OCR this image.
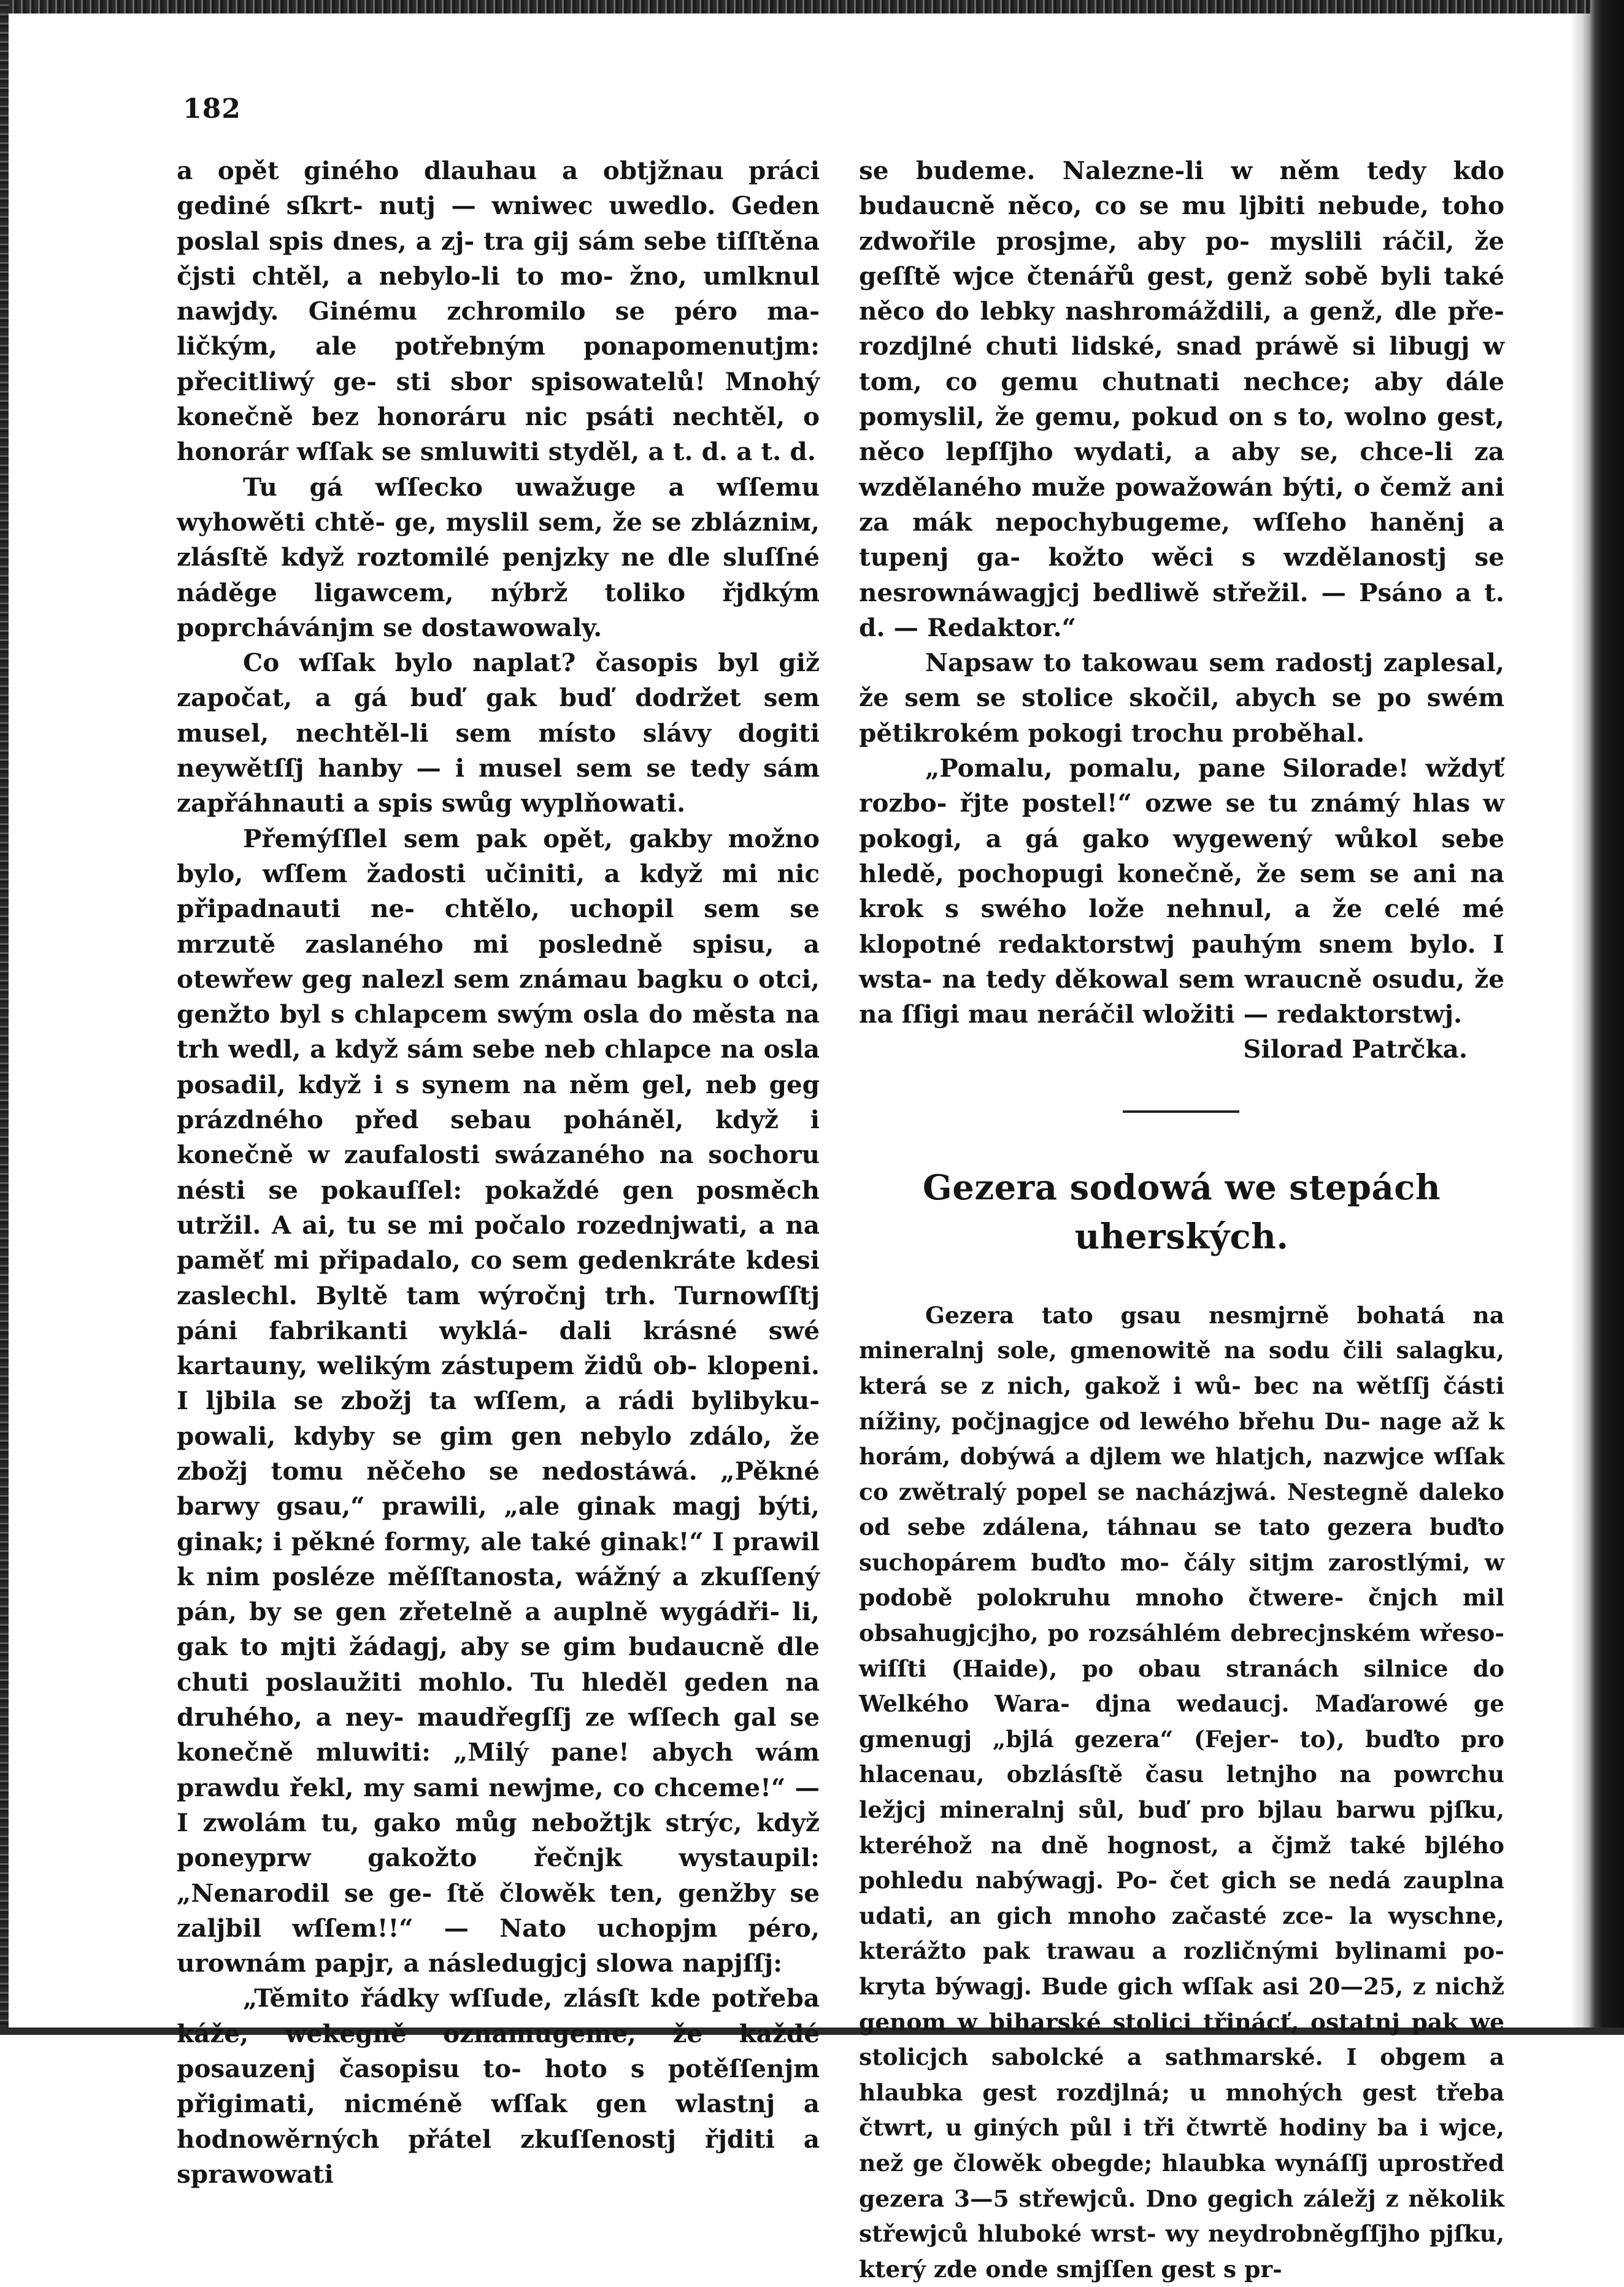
182

a opět giného dlauhau a obtjžnau práci gediné sſkrt- nutj — wniwec uwedlo. Geden poslal spis dnes, a zj- tra gij sám sebe tiſſtěna čjsti chtěl, a nebylo-li to mo- žno, umlknul nawjdy. Ginému zchromilo se péro ma- ličkým, ale potřebným ponapomenutjm: přecitliwý ge- sti sbor spisowatelů! Mnohý konečně bez honoráru nic psáti nechtěl, o honorár wſſak se smluwiti styděl, a t. d. a t. d.

Tu gá wſſecko uwažuge a wſſemu wyhowěti chtě- ge, myslil sem, že se zblázniм, zlásſtě když roztomilé penjzky ne dle sluſſné náděge ligawcem, nýbrž toliko řjdkým poprchávánjm se dostawowaly.

Co wſſak bylo naplat? časopis byl giž započat, a gá buď gak buď dodržet sem musel, nechtěl-li sem místo slávy dogiti neywětſſj hanby — i musel sem se tedy sám zapřáhnauti a spis swůg wyplňowati.

Přemýſſlel sem pak opět, gakby možno bylo, wſſem žadosti učiniti, a když mi nic připadnauti ne- chtělo, uchopil sem se mrzutě zaslaného mi posledně spisu, a otewřew geg nalezl sem známau bagku o otci, genžto byl s chlapcem swým osla do města na trh wedl, a když sám sebe neb chlapce na osla posadil, když i s synem na něm gel, neb geg prázdného před sebau poháněl, když i konečně w zaufalosti swázaného na sochoru nésti se pokauſſel: pokaždé gen posměch utržil. A ai, tu se mi počalo rozednjwati, a na paměť mi připadalo, co sem gedenkráte kdesi zaslechl. Byltě tam wýročnj trh. Turnowſſtj páni fabrikanti wyklá- dali krásné swé kartauny, welikým zástupem židů ob- klopeni. I ljbila se zbožj ta wſſem, a rádi bylibyku- powali, kdyby se gim gen nebylo zdálo, že zbožj tomu něčeho se nedostáwá. „Pěkné barwy gsau,“ prawili, „ale ginak magj býti, ginak; i pěkné formy, ale také ginak!“ I prawil k nim posléze měſſtanosta, wážný a zkuſſený pán, by se gen zřetelně a auplně wygádři- li, gak to mjti žádagj, aby se gim budaucně dle chuti poslaužiti mohlo. Tu hleděl geden na druhého, a ney- maudřegſſj ze wſſech gal se konečně mluwiti: „Milý pane! abych wám prawdu řekl, my sami newjme, co chceme!“ — I zwolám tu, gako můg nebožtjk strýc, když poneyprw gakožto řečnjk wystaupil: „Nenarodil se ge- ſtě člowěk ten, genžby se zaljbil wſſem!!“ — Nato uchopjm péro, urownám papjr, a následugjcj slowa napjſſj:

„Těmito řádky wſſude, zlásſt kde potřeba káže, wekegně oznamugeme, že každé posauzenj časopisu to- hoto s potěſſenjm přigimati, nicméně wſſak gen wlastnj a hodnowěrných přátel zkuſſenostj řjditi a sprawowati

se budeme. Nalezne-li w něm tedy kdo budaucně něco, co se mu ljbiti nebude, toho zdwořile prosjme, aby po- myslili ráčil, že geſſtě wjce čtenářů gest, genž sobě byli také něco do lebky nashromáždili, a genž, dle pře- rozdjlné chuti lidské, snad práwě si libugj w tom, co gemu chutnati nechce; aby dále pomyslil, že gemu, pokud on s to, wolno gest, něco lepſſjho wydati, a aby se, chce-li za wzdělaného muže powažowán býti, o čemž ani za mák nepochybugeme, wſſeho haněnj a tupenj ga- kožto wěci s wzdělanostj se nesrownáwagjcj bedliwě střežil. — Psáno a t. d. — Redaktor.“

Napsaw to takowau sem radostj zaplesal, že sem se stolice skočil, abych se po swém pětikrokém pokogi trochu proběhal.

„Pomalu, pomalu, pane Silorade! wždyť rozbo- řjte postel!“ ozwe se tu známý hlas w pokogi, a gá gako wygewený wůkol sebe hledě, pochopugi konečně, že sem se ani na krok s swého lože nehnul, a že celé mé klopotné redaktorstwj pauhým snem bylo. I wsta- na tedy děkowal sem wraucně osudu, že na ſſigi mau neráčil wložiti — redaktorstwj.

Silorad Patrčka.

Gezera sodowá we stepách uherských.

Gezera tato gsau nesmjrně bohatá na mineralnj sole, gmenowitě na sodu čili salagku, která se z nich, gakož i wů- bec na wětſſj části nížiny, počjnagjce od lewého břehu Du- nage až k horám, dobýwá a djlem we hlatjch, nazwjce wſſak co zwětralý popel se nacházjwá. Nestegně daleko od sebe zdálena, táhnau se tato gezera buďto suchopárem buďto mo- čály sitjm zarostlými, w podobě polokruhu mnoho čtwere- čnjch mil obsahugjcjho, po rozsáhlém debrecjnském wřeso- wiſſti (Haide), po obau stranách silnice do Welkého Wara- djna wedaucj. Maďarowé ge gmenugj „bjlá gezera“ (Fejer- to), buďto pro hlacenau, obzlásſtě času letnjho na powrchu ležjcj mineralnj sůl, buď pro bjlau barwu pjſku, kteréhož na dně hognost, a čjmž také bjlého pohledu nabýwagj. Po- čet gich se nedá zauplna udati, an gich mnoho začasté zce- la wyschne, kterážto pak trawau a rozličnými bylinami po- kryta býwagj. Bude gich wſſak asi 20—25, z nichž genom w biharské stolici třinácť, ostatnj pak we stolicjch sabolcké a sathmarské. I obgem a hlaubka gest rozdjlná; u mnohých gest třeba čtwrt, u giných půl i tři čtwrtě hodiny ba i wjce, než ge člowěk obegde; hlaubka wynáſſj uprostřed gezera 3—5 střewjců. Dno gegich záležj z několik střewjců hluboké wrst- wy neydrobněgſſjho pjſku, který zde onde smjſſen gest s pr-
